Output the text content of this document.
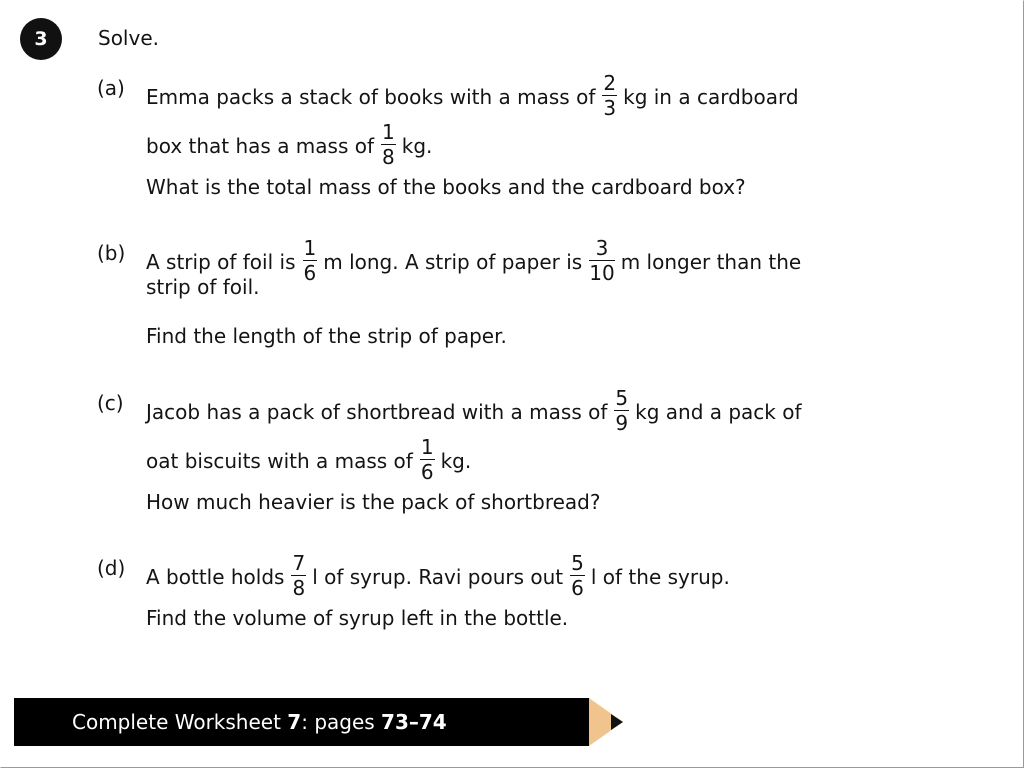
3	Solve.
(a) Emma packs a stack of books with a mass of $\frac{2}{3}$ kg in a cardboard
box that has a mass of $\frac{1}{8}$ kg.
What is the total mass of the books and the cardboard box?
(b) A strip of foil is $\frac{1}{6}$ m long. A strip of paper is $\frac{3}{10}$ m longer than the
strip of foil.
Find the length of the strip of paper.
(c) Jacob has a pack of shortbread with a mass of $\frac{5}{9}$ kg and a pack of
oat biscuits with a mass of $\frac{1}{6}$ kg.
How much heavier is the pack of shortbread?
(d) A bottle holds $\frac{7}{8}$ l of syrup. Ravi pours out $\frac{5}{6}$ l of the syrup.
Find the volume of syrup left in the bottle.
Complete Worksheet 7: pages 73–74
